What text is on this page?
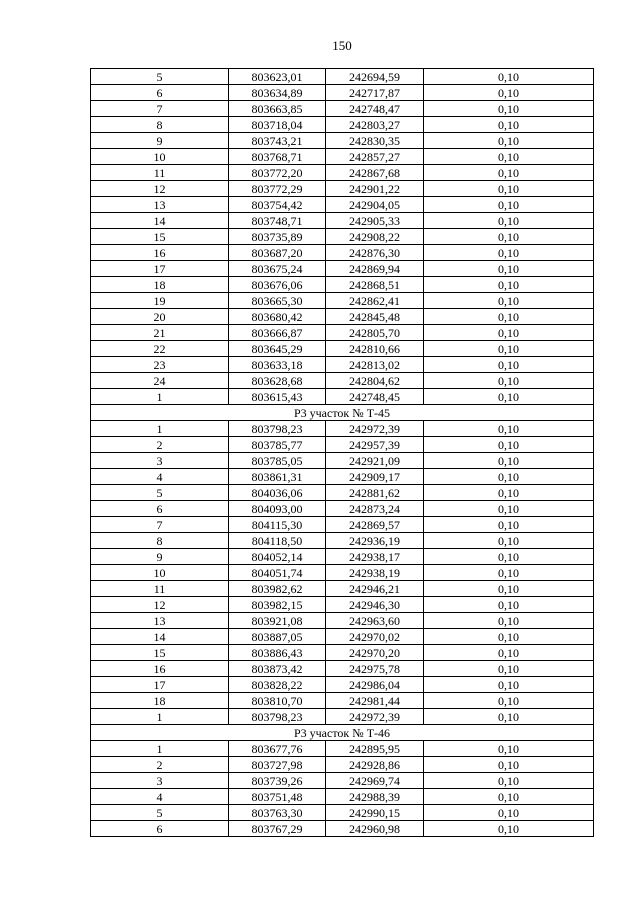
150
5	803623,01	242694,59	0,10
6	803634,89	242717,87	0,10
7	803663,85	242748,47	0,10
8	803718,04	242803,27	0,10
9	803743,21	242830,35	0,10
10	803768,71	242857,27	0,10
11	803772,20	242867,68	0,10
12	803772,29	242901,22	0,10
13	803754,42	242904,05	0,10
14	803748,71	242905,33	0,10
15	803735,89	242908,22	0,10
16	803687,20	242876,30	0,10
17	803675,24	242869,94	0,10
18	803676,06	242868,51	0,10
19	803665,30	242862,41	0,10
20	803680,42	242845,48	0,10
21	803666,87	242805,70	0,10
22	803645,29	242810,66	0,10
23	803633,18	242813,02	0,10
24	803628,68	242804,62	0,10
1	803615,43	242748,45	0,10
Р3 участок № Т-45			
1	803798,23	242972,39	0,10
2	803785,77	242957,39	0,10
3	803785,05	242921,09	0,10
4	803861,31	242909,17	0,10
5	804036,06	242881,62	0,10
6	804093,00	242873,24	0,10
7	804115,30	242869,57	0,10
8	804118,50	242936,19	0,10
9	804052,14	242938,17	0,10
10	804051,74	242938,19	0,10
11	803982,62	242946,21	0,10
12	803982,15	242946,30	0,10
13	803921,08	242963,60	0,10
14	803887,05	242970,02	0,10
15	803886,43	242970,20	0,10
16	803873,42	242975,78	0,10
17	803828,22	242986,04	0,10
18	803810,70	242981,44	0,10
1	803798,23	242972,39	0,10
Р3 участок № Т-46			
1	803677,76	242895,95	0,10
2	803727,98	242928,86	0,10
3	803739,26	242969,74	0,10
4	803751,48	242988,39	0,10
5	803763,30	242990,15	0,10
6	803767,29	242960,98	0,10
